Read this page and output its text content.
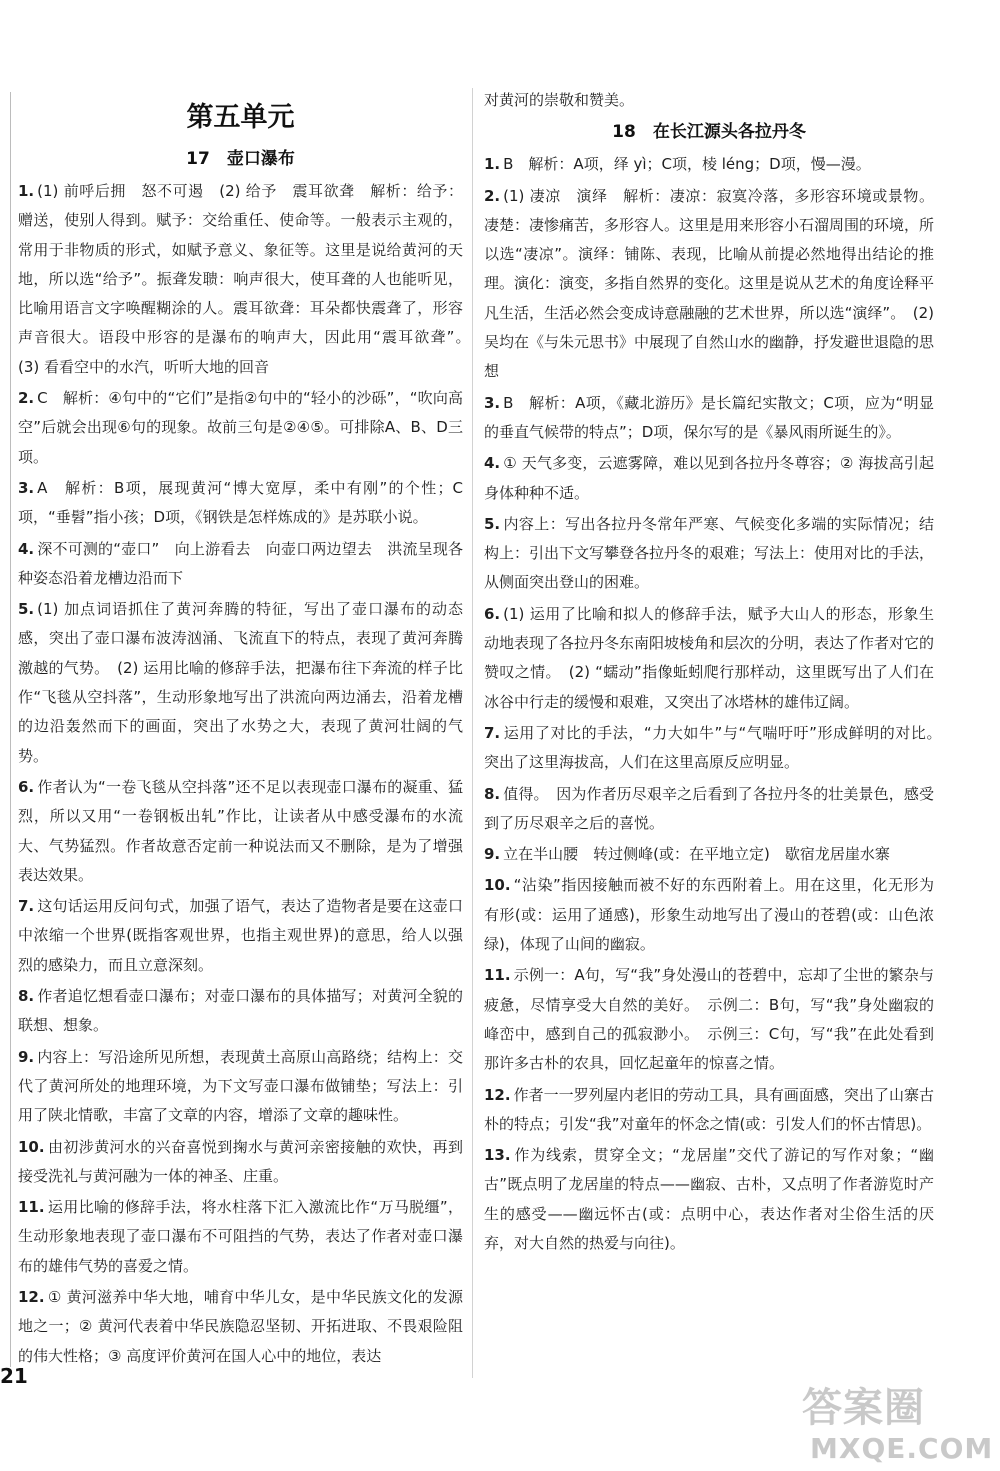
第五单元
17　壶口瀑布
1. (1) 前呼后拥　怒不可遏　(2) 给予　震耳欲聋　解析：给予：赠送，使别人得到。赋予：交给重任、使命等。一般表示主观的，常用于非物质的形式，如赋予意义、象征等。这里是说给黄河的天地，所以选“给予”。振聋发聩：响声很大，使耳聋的人也能听见，比喻用语言文字唤醒糊涂的人。震耳欲聋：耳朵都快震聋了，形容声音很大。语段中形容的是瀑布的响声大，因此用“震耳欲聋”。　(3) 看看空中的水汽，听听大地的回音
2. C　解析：④句中的“它们”是指②句中的“轻小的沙砾”，“吹向高空”后就会出现⑥句的现象。故前三句是②④⑤。可排除A、B、D三项。
3. A　解析：B项，展现黄河“博大宽厚，柔中有刚”的个性；C项，“垂髫”指小孩；D项，《钢铁是怎样炼成的》是苏联小说。
4. 深不可测的“壶口”　向上游看去　向壶口两边望去　洪流呈现各种姿态沿着龙槽边沿而下
5. (1) 加点词语抓住了黄河奔腾的特征，写出了壶口瀑布的动态感，突出了壶口瀑布波涛汹涌、飞流直下的特点，表现了黄河奔腾激越的气势。　(2) 运用比喻的修辞手法，把瀑布往下奔流的样子比作“飞毯从空抖落”，生动形象地写出了洪流向两边涌去，沿着龙槽的边沿轰然而下的画面，突出了水势之大，表现了黄河壮阔的气势。
6. 作者认为“一卷飞毯从空抖落”还不足以表现壶口瀑布的凝重、猛烈，所以又用“一卷钢板出轧”作比，让读者从中感受瀑布的水流大、气势猛烈。作者故意否定前一种说法而又不删除，是为了增强表达效果。
7. 这句话运用反问句式，加强了语气，表达了造物者是要在这壶口中浓缩一个世界(既指客观世界，也指主观世界)的意思，给人以强烈的感染力，而且立意深刻。
8. 作者追忆想看壶口瀑布；对壶口瀑布的具体描写；对黄河全貌的联想、想象。
9. 内容上：写沿途所见所想，表现黄土高原山高路绕；结构上：交代了黄河所处的地理环境，为下文写壶口瀑布做铺垫；写法上：引用了陕北情歌，丰富了文章的内容，增添了文章的趣味性。
10. 由初涉黄河水的兴奋喜悦到掬水与黄河亲密接触的欢快，再到接受洗礼与黄河融为一体的神圣、庄重。
11. 运用比喻的修辞手法，将水柱落下汇入激流比作“万马脱缰”，生动形象地表现了壶口瀑布不可阻挡的气势，表达了作者对壶口瀑布的雄伟气势的喜爱之情。
12. ① 黄河滋养中华大地，哺育中华儿女，是中华民族文化的发源地之一；② 黄河代表着中华民族隐忍坚韧、开拓进取、不畏艰险阻的伟大性格；③ 高度评价黄河在国人心中的地位，表达
对黄河的崇敬和赞美。
18　在长江源头各拉丹冬
1. B　解析：A项，绎 yì；C项，棱 léng；D项，慢—漫。
2. (1) 凄凉　演绎　解析：凄凉：寂寞冷落，多形容环境或景物。凄楚：凄惨痛苦，多形容人。这里是用来形容小石溜周围的环境，所以选“凄凉”。演绎：铺陈、表现，比喻从前提必然地得出结论的推理。演化：演变，多指自然界的变化。这里是说从艺术的角度诠释平凡生活，生活必然会变成诗意融融的艺术世界，所以选“演绎”。　(2) 吴均在《与朱元思书》中展现了自然山水的幽静，抒发避世退隐的思想
3. B　解析：A项，《藏北游历》是长篇纪实散文；C项，应为“明显的垂直气候带的特点”；D项，保尔写的是《暴风雨所诞生的》。
4. ① 天气多变，云遮雾障，难以见到各拉丹冬尊容；② 海拔高引起身体种种不适。
5. 内容上：写出各拉丹冬常年严寒、气候变化多端的实际情况；结构上：引出下文写攀登各拉丹冬的艰难；写法上：使用对比的手法，从侧面突出登山的困难。
6. (1) 运用了比喻和拟人的修辞手法，赋予大山人的形态，形象生动地表现了各拉丹冬东南阳坡棱角和层次的分明，表达了作者对它的赞叹之情。　(2) “蠕动”指像蚯蚓爬行那样动，这里既写出了人们在冰谷中行走的缓慢和艰难，又突出了冰塔林的雄伟辽阔。
7. 运用了对比的手法，“力大如牛”与“气喘吁吁”形成鲜明的对比。　突出了这里海拔高，人们在这里高原反应明显。
8. 值得。　因为作者历尽艰辛之后看到了各拉丹冬的壮美景色，感受到了历尽艰辛之后的喜悦。
9. 立在半山腰　转过侧峰(或：在平地立定)　歇宿龙居崖水寨
10. “沾染”指因接触而被不好的东西附着上。用在这里，化无形为有形(或：运用了通感)，形象生动地写出了漫山的苍碧(或：山色浓绿)，体现了山间的幽寂。
11. 示例一：A句，写“我”身处漫山的苍碧中，忘却了尘世的繁杂与疲惫，尽情享受大自然的美好。　示例二：B句，写“我”身处幽寂的峰峦中，感到自己的孤寂渺小。　示例三：C句，写“我”在此处看到那许多古朴的农具，回忆起童年的惊喜之情。
12. 作者一一罗列屋内老旧的劳动工具，具有画面感，突出了山寨古朴的特点；引发“我”对童年的怀念之情(或：引发人们的怀古情思)。
13. 作为线索，贯穿全文；“龙居崖”交代了游记的写作对象；“幽古”既点明了龙居崖的特点——幽寂、古朴，又点明了作者游览时产生的感受——幽远怀古(或：点明中心，表达作者对尘俗生活的厌弃，对大自然的热爱与向往)。
21
答案圈
MXQE.COM
